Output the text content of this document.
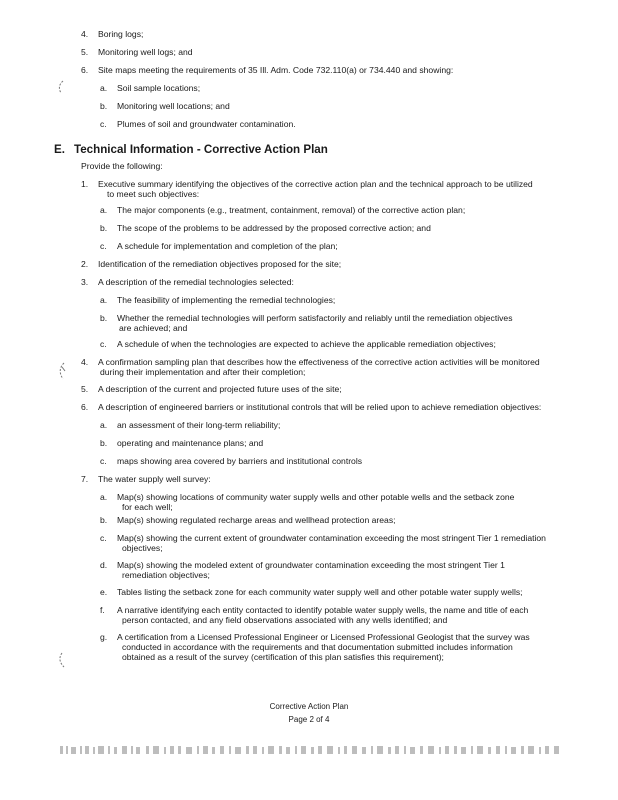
4. Boring logs;
5. Monitoring well logs; and
6. Site maps meeting the requirements of 35 Ill. Adm. Code 732.110(a) or 734.440 and showing:
a. Soil sample locations;
b. Monitoring well locations; and
c. Plumes of soil and groundwater contamination.
E. Technical Information - Corrective Action Plan
Provide the following:
1. Executive summary identifying the objectives of the corrective action plan and the technical approach to be utilized
to meet such objectives:
a. The major components (e.g., treatment, containment, removal) of the corrective action plan;
b. The scope of the problems to be addressed by the proposed corrective action; and
c. A schedule for implementation and completion of the plan;
2. Identification of the remediation objectives proposed for the site;
3. A description of the remedial technologies selected:
a. The feasibility of implementing the remedial technologies;
b. Whether the remedial technologies will perform satisfactorily and reliably until the remediation objectives
are achieved; and
c. A schedule of when the technologies are expected to achieve the applicable remediation objectives;
4. A confirmation sampling plan that describes how the effectiveness of the corrective action activities will be monitored
during their implementation and after their completion;
5. A description of the current and projected future uses of the site;
6. A description of engineered barriers or institutional controls that will be relied upon to achieve remediation objectives:
a. an assessment of their long-term reliability;
b. operating and maintenance plans; and
c. maps showing area covered by barriers and institutional controls
7. The water supply well survey:
a. Map(s) showing locations of community water supply wells and other potable wells and the setback zone
for each well;
b. Map(s) showing regulated recharge areas and wellhead protection areas;
c. Map(s) showing the current extent of groundwater contamination exceeding the most stringent Tier 1 remediation
objectives;
d. Map(s) showing the modeled extent of groundwater contamination exceeding the most stringent Tier 1
remediation objectives;
e. Tables listing the setback zone for each community water supply well and other potable water supply wells;
f. A narrative identifying each entity contacted to identify potable water supply wells, the name and title of each
person contacted, and any field observations associated with any wells identified; and
g. A certification from a Licensed Professional Engineer or Licensed Professional Geologist that the survey was
conducted in accordance with the requirements and that documentation submitted includes information
obtained as a result of the survey (certification of this plan satisfies this requirement);
Corrective Action Plan
Page 2 of 4
